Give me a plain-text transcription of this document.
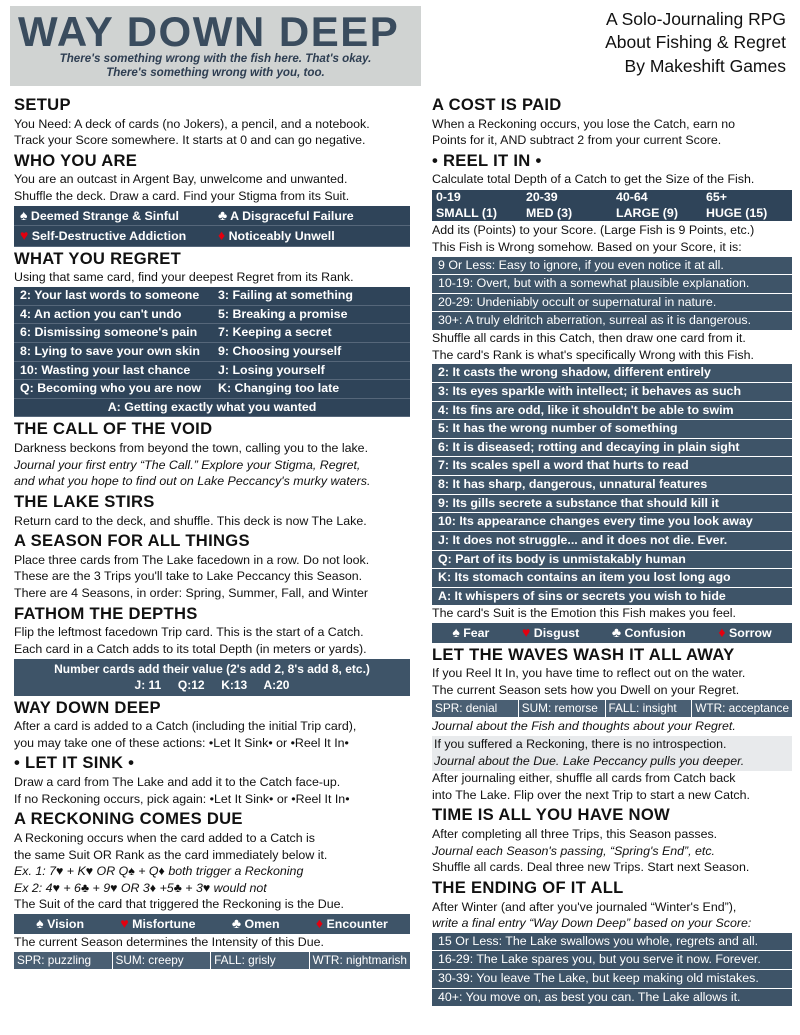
WAY DOWN DEEP
There's something wrong with the fish here. That's okay.
There's something wrong with you, too.
A Solo-Journaling RPG
About Fishing & Regret
By Makeshift Games
SETUP

You Need: A deck of cards (no Jokers), a pencil, and a notebook.

Track your Score somewhere. It starts at 0 and can go negative.

WHO YOU ARE

You are an outcast in Argent Bay, unwelcome and unwanted.

Shuffle the deck. Draw a card. Find your Stigma from its Suit.

♠ Deemed Strange & Sinful	♣ A Disgraceful Failure
♥ Self-Destructive Addiction	♦ Noticeably Unwell
WHAT YOU REGRET

Using that same card, find your deepest Regret from its Rank.

2: Your last words to someone	3: Failing at something
4: An action you can't undo	5: Breaking a promise
6: Dismissing someone's pain	7: Keeping a secret
8: Lying to save your own skin	9: Choosing yourself
10: Wasting your last chance	J: Losing yourself
Q: Becoming who you are now	K: Changing too late
A: Getting exactly what you wanted
THE CALL OF THE VOID

Darkness beckons from beyond the town, calling you to the lake.

Journal your first entry “The Call.” Explore your Stigma, Regret,

and what you hope to find out on Lake Peccancy's murky waters.

THE LAKE STIRS

Return card to the deck, and shuffle. This deck is now The Lake.

A SEASON FOR ALL THINGS

Place three cards from The Lake facedown in a row. Do not look.

These are the 3 Trips you'll take to Lake Peccancy this Season.

There are 4 Seasons, in order: Spring, Summer, Fall, and Winter

FATHOM THE DEPTHS

Flip the leftmost facedown Trip card. This is the start of a Catch.

Each card in a Catch adds to its total Depth (in meters or yards).

Number cards add their value (2's add 2, 8's add 8, etc.)
J: 11     Q:12     K:13     A:20
WAY DOWN DEEP

After a card is added to a Catch (including the initial Trip card),

you may take one of these actions: •Let It Sink• or •Reel It In•

• LET IT SINK •

Draw a card from The Lake and add it to the Catch face-up.

If no Reckoning occurs, pick again: •Let It Sink• or •Reel It In•

A RECKONING COMES DUE

A Reckoning occurs when the card added to a Catch is

the same Suit OR Rank as the card immediately below it.

Ex. 1: 7♥ + K♥ OR Q♠ + Q♦ both trigger a Reckoning

Ex 2: 4♥ + 6♣ + 9♥ OR 3♦ +5♣ + 3♥ would not

The Suit of the card that triggered the Reckoning is the Due.

♠ Vision	♥ Misfortune	♣ Omen	♦ Encounter

The current Season determines the Intensity of this Due.

SPR: puzzling	SUM: creepy	FALL: grisly	WTR: nightmarish
A COST IS PAID

When a Reckoning occurs, you lose the Catch, earn no

Points for it, AND subtract 2 from your current Score.

• REEL IT IN •

Calculate total Depth of a Catch to get the Size of the Fish.

0-19	20-39	40-64	65+
SMALL (1)	MED (3)	LARGE (9)	HUGE (15)

Add its (Points) to your Score. (Large Fish is 9 Points, etc.)

This Fish is Wrong somehow. Based on your Score, it is:

9 Or Less: Easy to ignore, if you even notice it at all.
10-19: Overt, but with a somewhat plausible explanation.
20-29: Undeniably occult or supernatural in nature.
30+: A truly eldritch aberration, surreal as it is dangerous.

Shuffle all cards in this Catch, then draw one card from it.

The card's Rank is what's specifically Wrong with this Fish.

2: It casts the wrong shadow, different entirely
3: Its eyes sparkle with intellect; it behaves as such
4: Its fins are odd, like it shouldn't be able to swim
5: It has the wrong number of something
6: It is diseased; rotting and decaying in plain sight
7: Its scales spell a word that hurts to read
8: It has sharp, dangerous, unnatural features
9: Its gills secrete a substance that should kill it
10: Its appearance changes every time you look away
J: It does not struggle... and it does not die. Ever.
Q: Part of its body is unmistakably human
K: Its stomach contains an item you lost long ago
A: It whispers of sins or secrets you wish to hide

The card's Suit is the Emotion this Fish makes you feel.

♠ Fear ♥ Disgust ♣ Confusion ♦ Sorrow
LET THE WAVES WASH IT ALL AWAY

If you Reel It In, you have time to reflect out on the water.

The current Season sets how you Dwell on your Regret.

SPR: denial	SUM: remorse FALL: insight	WTR: acceptance

Journal about the Fish and thoughts about your Regret.

If you suffered a Reckoning, there is no introspection.

Journal about the Due. Lake Peccancy pulls you deeper.

After journaling either, shuffle all cards from Catch back

into The Lake. Flip over the next Trip to start a new Catch.

TIME IS ALL YOU HAVE NOW

After completing all three Trips, this Season passes.

Journal each Season's passing, “Spring's End”, etc.

Shuffle all cards. Deal three new Trips. Start next Season.

THE ENDING OF IT ALL

After Winter (and after you've journaled “Winter's End”),

write a final entry “Way Down Deep” based on your Score:

15 Or Less: The Lake swallows you whole, regrets and all.
16-29: The Lake spares you, but you serve it now. Forever.
30-39: You leave The Lake, but keep making old mistakes.
40+: You move on, as best you can. The Lake allows it.
